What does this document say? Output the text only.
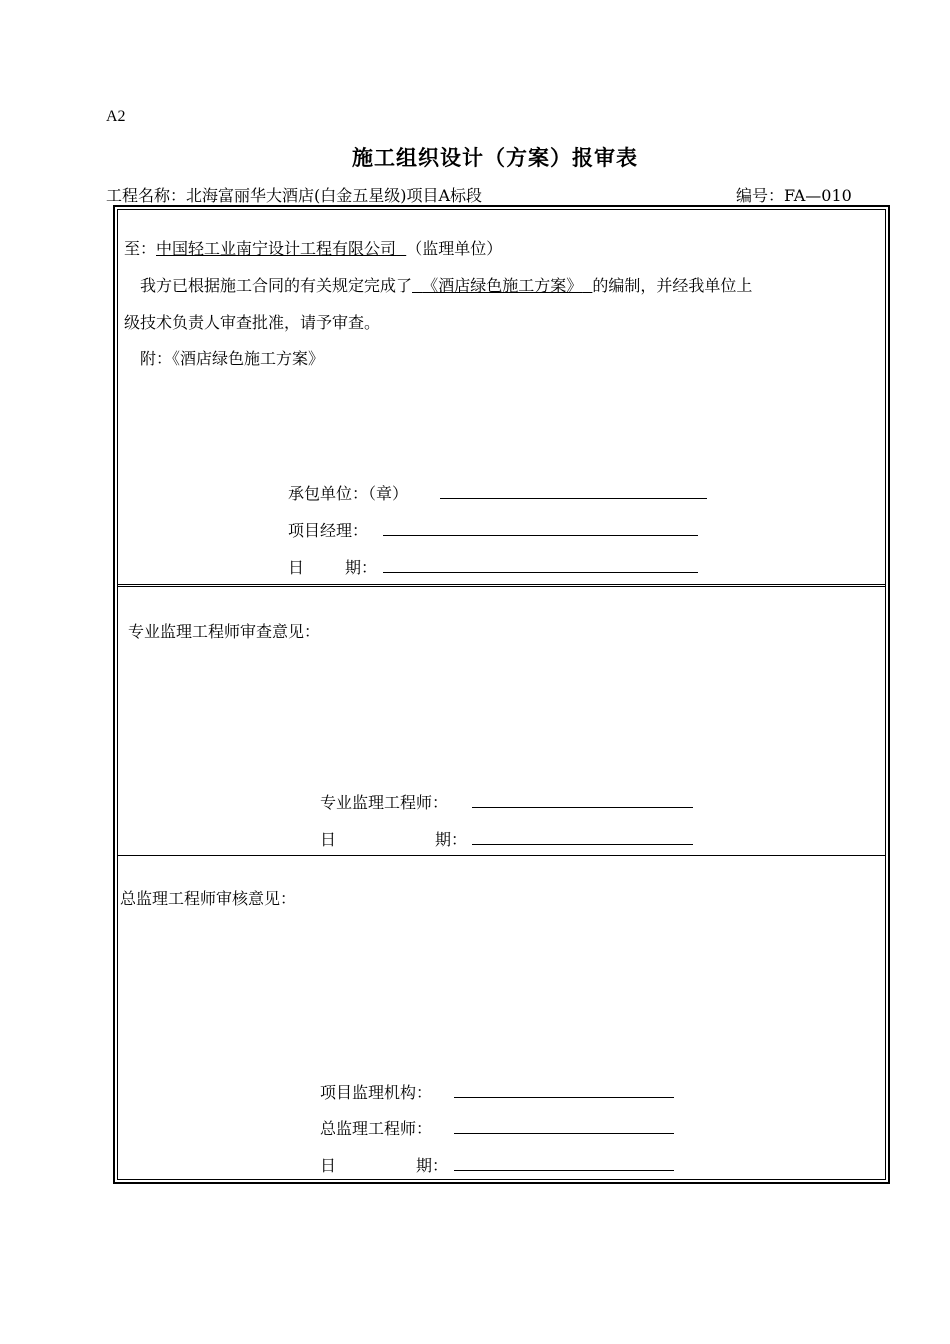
A2
施工组织设计（方案）报审表
工程名称：北海富丽华大酒店(白金五星级)项目A标段	编号：FA—010
至：中国轻工业南宁设计工程有限公司 （监理单位）
我方已根据施工合同的有关规定完成了 《酒店绿色施工方案》 的编制，并经我单位上
级技术负责人审查批准，请予审查。
附：《酒店绿色施工方案》
承包单位：（章）
项目经理：
日	期：
专业监理工程师审查意见：
专业监理工程师：
日	期：
总监理工程师审核意见：
项目监理机构：
总监理工程师：
日	期：
